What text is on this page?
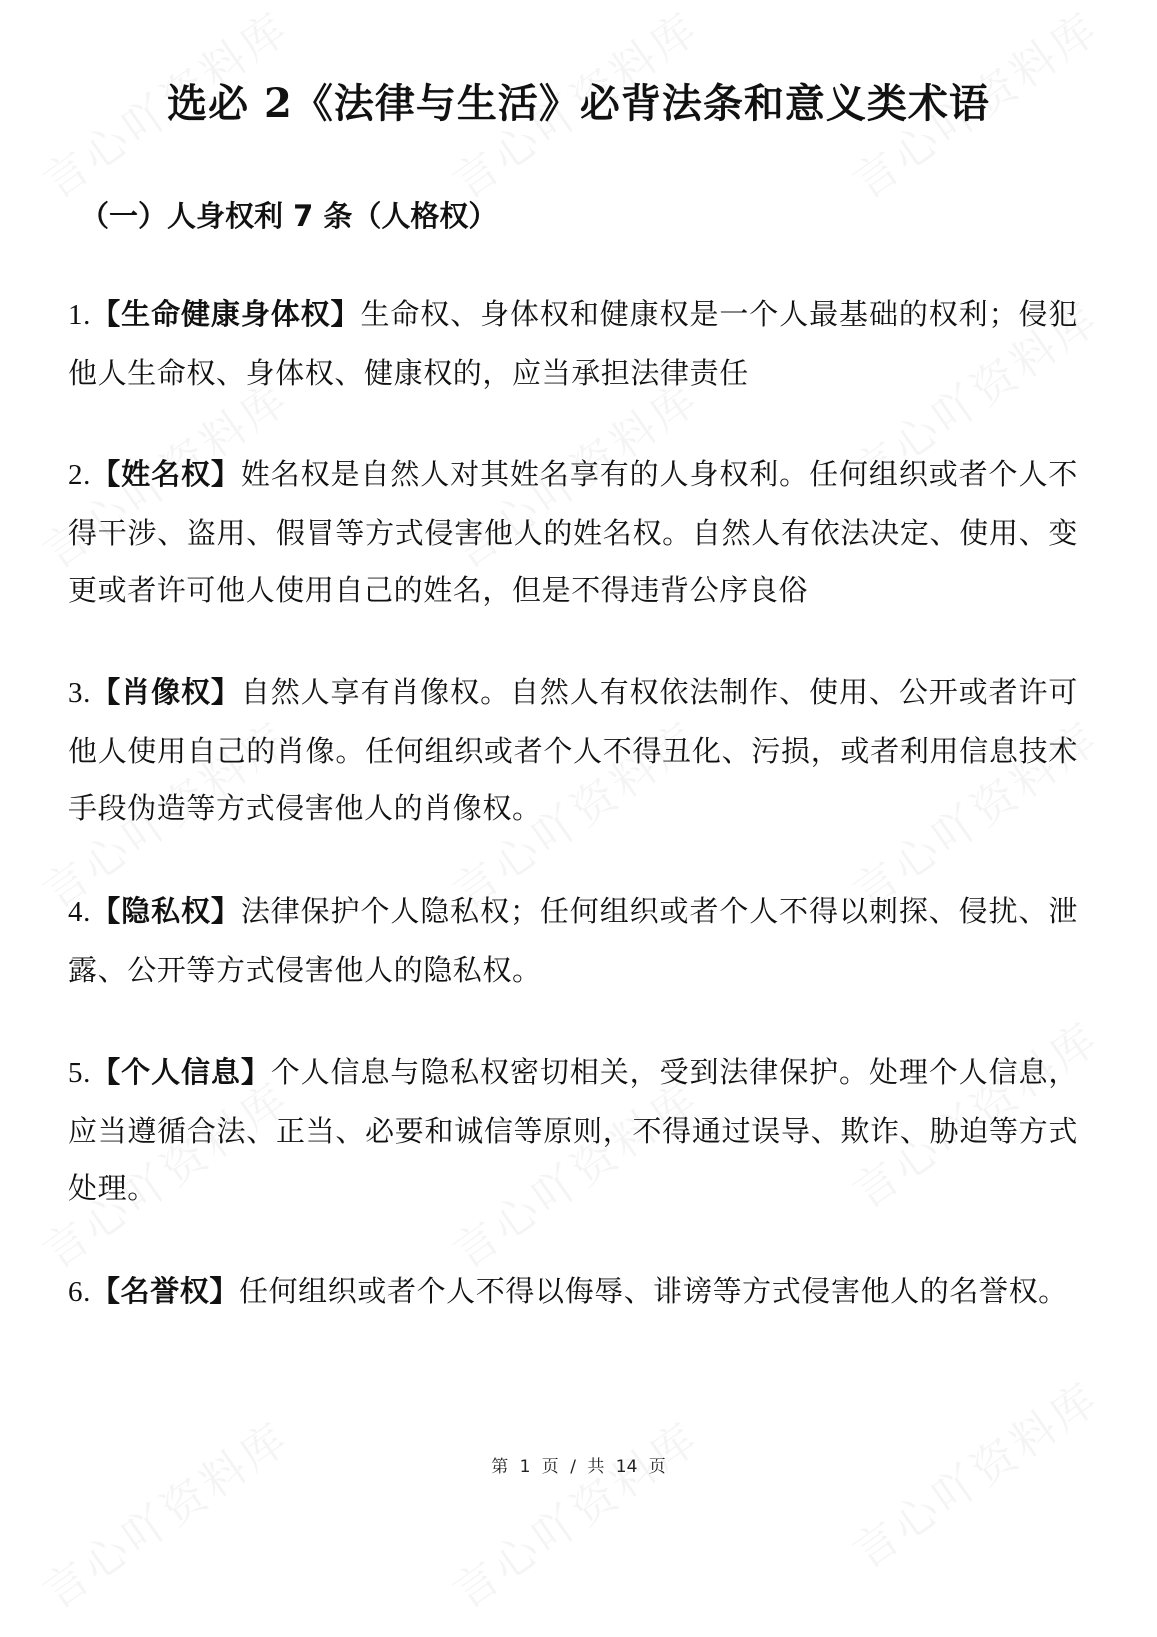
选必 2《法律与生活》必背法条和意义类术语
（一）人身权利 7 条（人格权）

1.【生命健康身体权】生命权、身体权和健康权是一个人最基础的权利；侵犯他人生命权、身体权、健康权的，应当承担法律责任

2.【姓名权】姓名权是自然人对其姓名享有的人身权利。任何组织或者个人不得干涉、盗用、假冒等方式侵害他人的姓名权。自然人有依法决定、使用、变更或者许可他人使用自己的姓名，但是不得违背公序良俗

3.【肖像权】自然人享有肖像权。自然人有权依法制作、使用、公开或者许可他人使用自己的肖像。任何组织或者个人不得丑化、污损，或者利用信息技术手段伪造等方式侵害他人的肖像权。

4.【隐私权】法律保护个人隐私权；任何组织或者个人不得以刺探、侵扰、泄露、公开等方式侵害他人的隐私权。

5.【个人信息】个人信息与隐私权密切相关，受到法律保护。处理个人信息，应当遵循合法、正当、必要和诚信等原则，不得通过误导、欺诈、胁迫等方式处理。

6.【名誉权】任何组织或者个人不得以侮辱、诽谤等方式侵害他人的名誉权。

第 1 页 / 共 14 页
